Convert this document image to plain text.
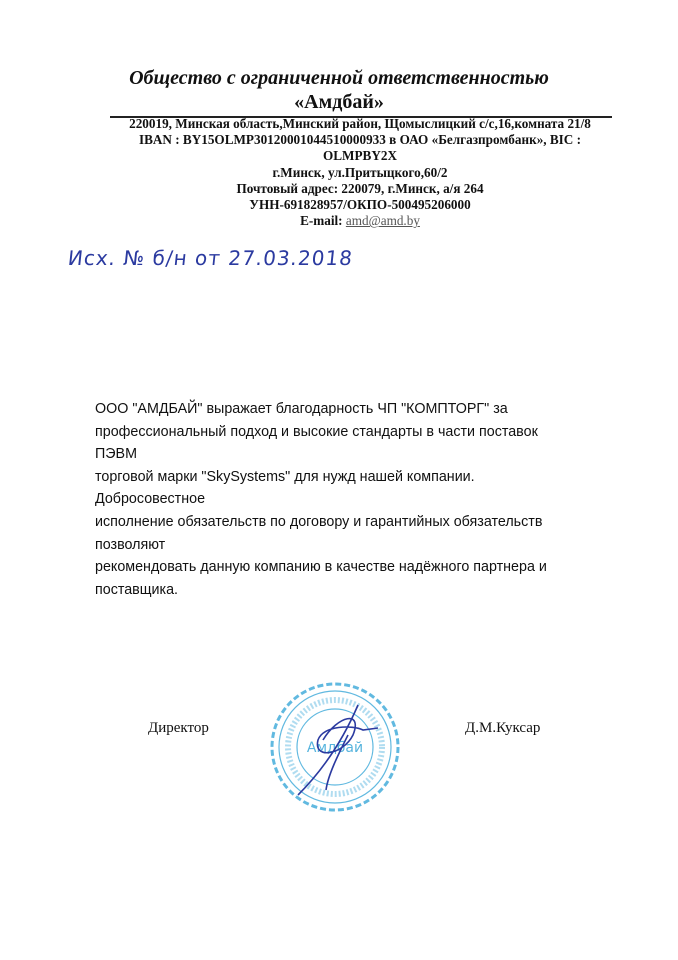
Общество с ограниченной ответственностью
«Амдбай»
220019, Минская область,Минский район, Щомыслицкий с/с,16,комната 21/8
IBAN : BY15OLMP30120001044510000933 в ОАО «Белгазпромбанк», BIC :
OLMPBY2X
г.Минск, ул.Притыцкого,60/2
Почтовый адрес: 220079, г.Минск, а/я 264
УНН-691828957/ОКПО-500495206000
E-mail: amd@amd.by
Исх. № б/н от 27.03.2018
ООО "АМДБАЙ" выражает благодарность ЧП "КОМПТОРГ" за
профессиональный подход и высокие стандарты в части поставок ПЭВМ
торговой марки "SkySystems" для нужд нашей компании. Добросовестное
исполнение обязательств по договору и гарантийных обязательств позволяют
рекомендовать данную компанию в качестве надёжного партнера и
поставщика.
Директор
Амдбай
Д.М.Куксар
